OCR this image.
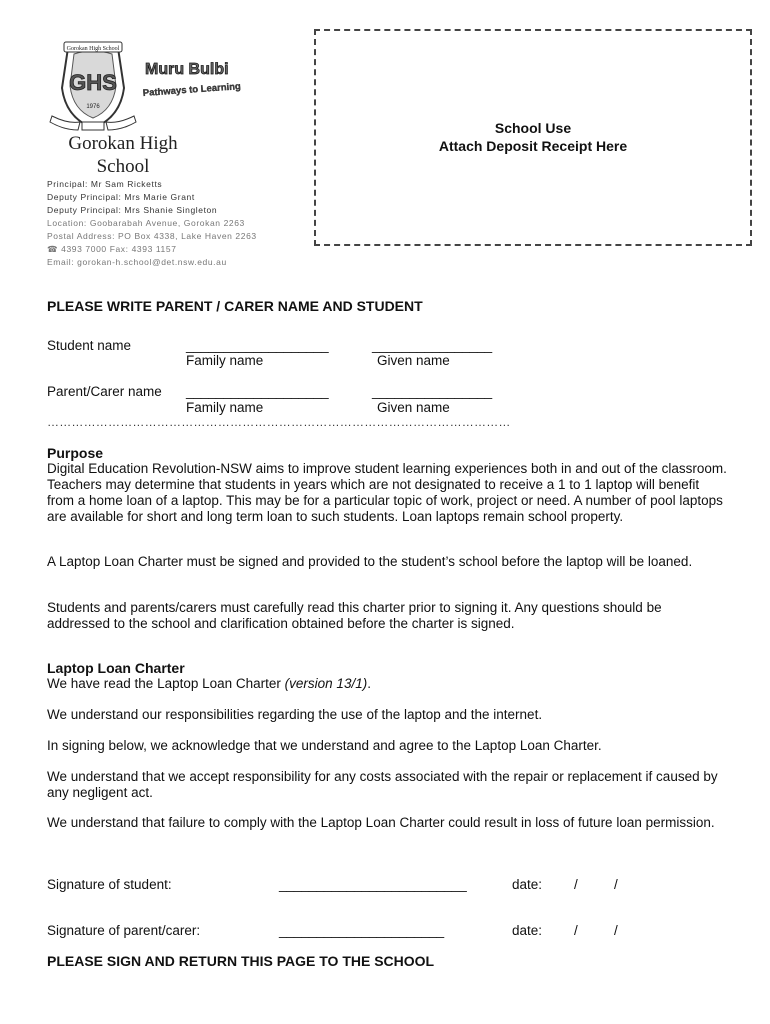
Gorokan High School
GHS
1976
Muru Bulbi
Pathways to Learning
Gorokan High
School
Principal: Mr Sam Ricketts
Deputy Principal: Mrs Marie Grant
Deputy Principal: Mrs Shanie Singleton
Location: Goobarabah Avenue, Gorokan 2263
Postal Address: PO Box 4338, Lake Haven 2263
☎ 4393 7000 Fax: 4393 1157
Email: gorokan-h.school@det.nsw.edu.au
School Use
Attach Deposit Receipt Here
PLEASE WRITE PARENT / CARER NAME AND STUDENT
Student name	___________________	________________
Family name	Given name
Parent/Carer name ___________________	________________
Family name	Given name
……………………………………………………………………………………………………
Purpose
Digital Education Revolution-NSW aims to improve student learning experiences both in and out of the classroom. Teachers may determine that students in years which are not designated to receive a 1 to 1 laptop will benefit from a home loan of a laptop. This may be for a particular topic of work, project or need. A number of pool laptops are available for short and long term loan to such students. Loan laptops remain school property.
A Laptop Loan Charter must be signed and provided to the student’s school before the laptop will be loaned.
Students and parents/carers must carefully read this charter prior to signing it. Any questions should be addressed to the school and clarification obtained before the charter is signed.
Laptop Loan Charter
We have read the Laptop Loan Charter (version 13/1).
We understand our responsibilities regarding the use of the laptop and the internet.
In signing below, we acknowledge that we understand and agree to the Laptop Loan Charter.
We understand that we accept responsibility for any costs associated with the repair or replacement if caused by any negligent act.
We understand that failure to comply with the Laptop Loan Charter could result in loss of future loan permission.
Signature of student:	_________________________	date: /	/
Signature of parent/carer:	______________________	date: /	/
PLEASE SIGN AND RETURN THIS PAGE TO THE SCHOOL
